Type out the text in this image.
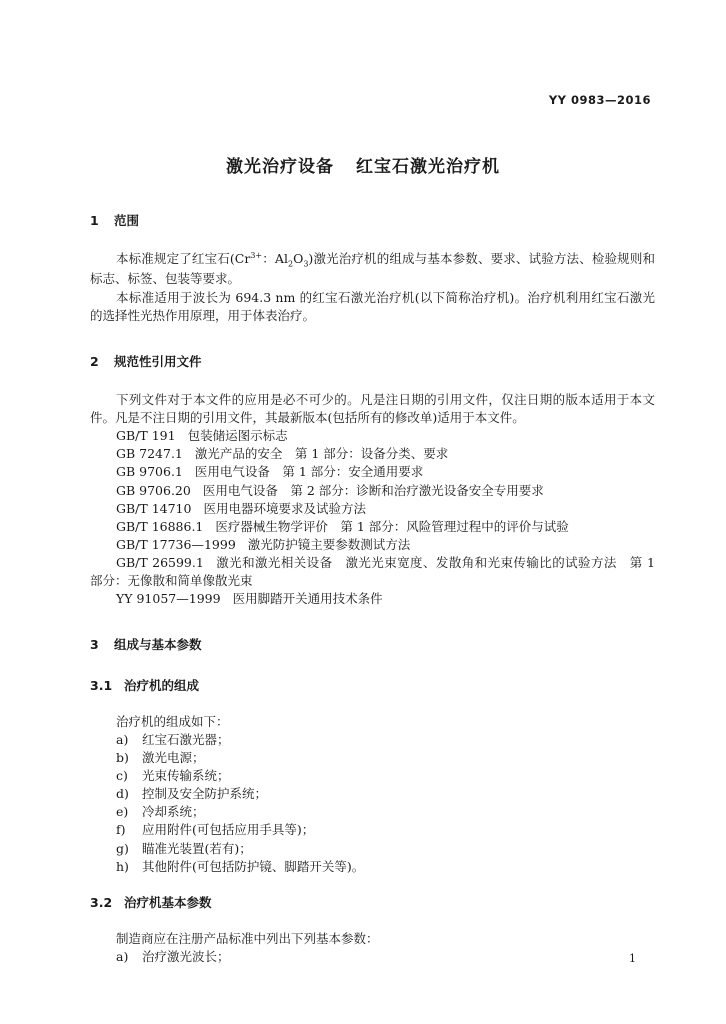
YY 0983—2016
激光治疗设备 红宝石激光治疗机
1 范围

本标准规定了红宝石($Cr^{3+}$：$Al_2O_3$)激光治疗机的组成与基本参数、要求、试验方法、检验规则和标志、标签、包装等要求。

本标准适用于波长为 694.3 nm 的红宝石激光治疗机(以下简称治疗机)。治疗机利用红宝石激光的选择性光热作用原理，用于体表治疗。

2 规范性引用文件

下列文件对于本文件的应用是必不可少的。凡是注日期的引用文件，仅注日期的版本适用于本文件。凡是不注日期的引用文件，其最新版本(包括所有的修改单)适用于本文件。

GB/T 191 包装储运图示标志

GB 7247.1 激光产品的安全　第 1 部分：设备分类、要求

GB 9706.1 医用电气设备　第 1 部分：安全通用要求

GB 9706.20 医用电气设备　第 2 部分：诊断和治疗激光设备安全专用要求

GB/T 14710 医用电器环境要求及试验方法

GB/T 16886.1 医疗器械生物学评价　第 1 部分：风险管理过程中的评价与试验

GB/T 17736—1999 激光防护镜主要参数测试方法

GB/T 26599.1 激光和激光相关设备　激光光束宽度、发散角和光束传输比的试验方法　第 1 部分：无像散和简单像散光束

YY 91057—1999 医用脚踏开关通用技术条件

3 组成与基本参数
3.1 治疗机的组成

治疗机的组成如下：

a) 红宝石激光器；

b) 激光电源；

c) 光束传输系统；

d) 控制及安全防护系统；

e) 冷却系统；

f) 应用附件(可包括应用手具等)；

g) 瞄准光装置(若有)；

h) 其他附件(可包括防护镜、脚踏开关等)。

3.2 治疗机基本参数

制造商应在注册产品标准中列出下列基本参数：

a) 治疗激光波长；	1
